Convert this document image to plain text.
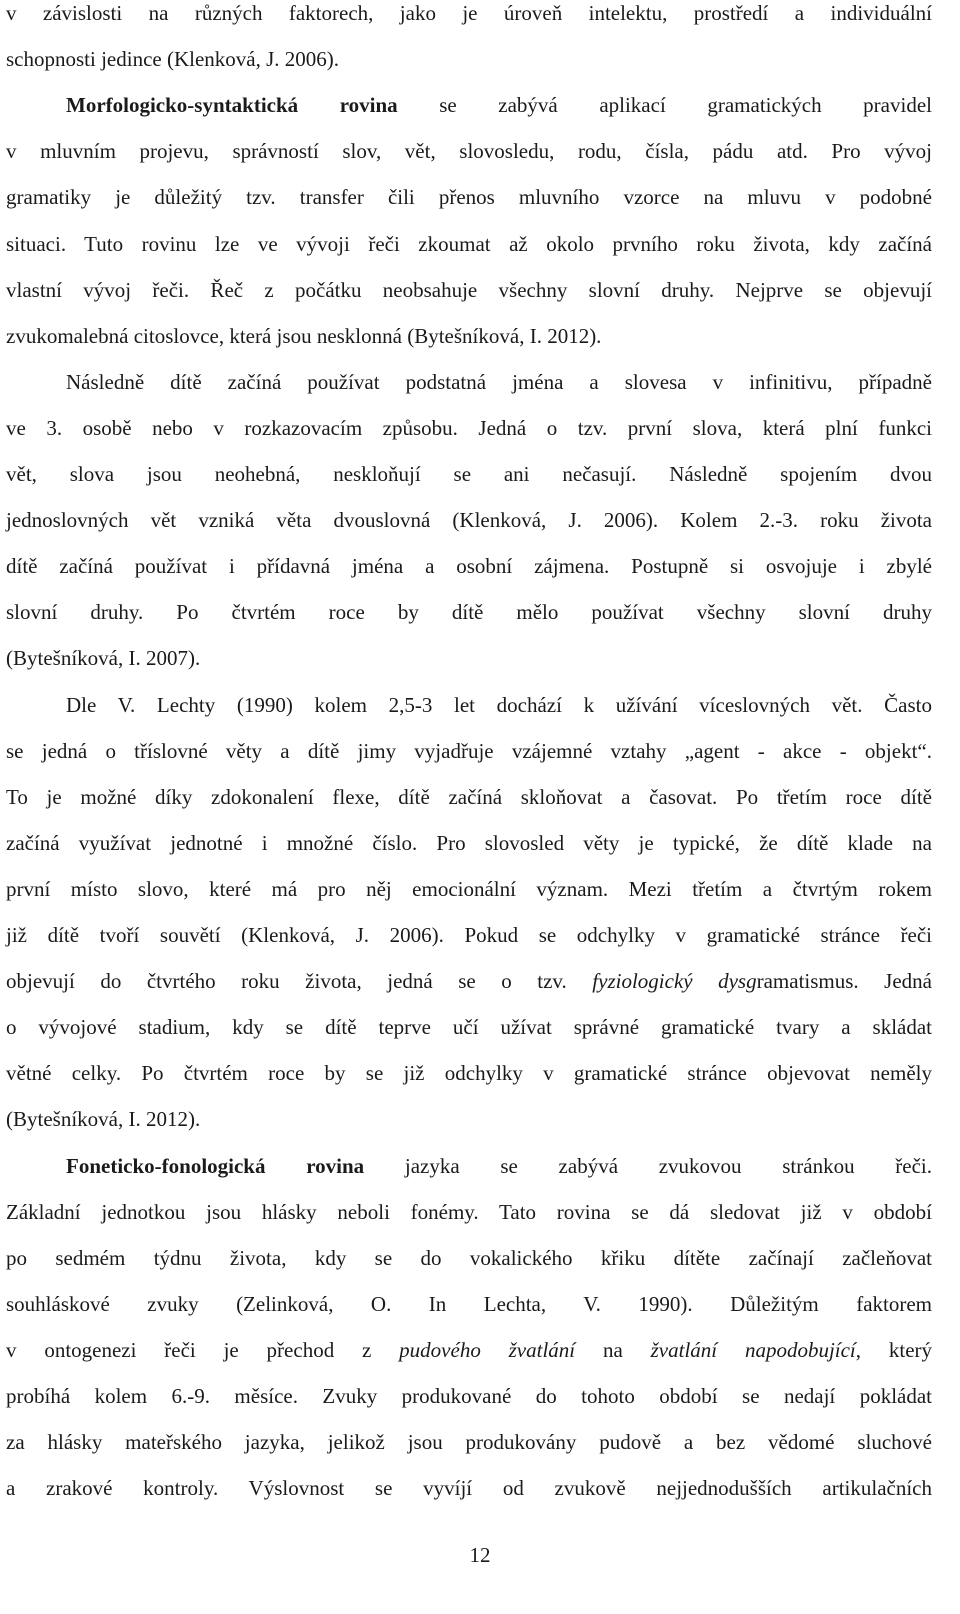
v závislosti na různých faktorech, jako je úroveň intelektu, prostředí a individuální
schopnosti jedince (Klenková, J. 2006).
Morfologicko-syntaktická rovina se zabývá aplikací gramatických pravidel
v mluvním projevu, správností slov, vět, slovosledu, rodu, čísla, pádu atd. Pro vývoj
gramatiky je důležitý tzv. transfer čili přenos mluvního vzorce na mluvu v podobné
situaci. Tuto rovinu lze ve vývoji řeči zkoumat až okolo prvního roku života, kdy začíná
vlastní vývoj řeči. Řeč z počátku neobsahuje všechny slovní druhy. Nejprve se objevují
zvukomalebná citoslovce, která jsou nesklonná (Bytešníková, I. 2012).
Následně dítě začíná používat podstatná jména a slovesa v infinitivu, případně
ve 3. osobě nebo v rozkazovacím způsobu. Jedná o tzv. první slova, která plní funkci
vět, slova jsou neohebná, neskloňují se ani nečasují. Následně spojením dvou
jednoslovných vět vzniká věta dvouslovná (Klenková, J. 2006). Kolem 2.-3. roku života
dítě začíná používat i přídavná jména a osobní zájmena. Postupně si osvojuje i zbylé
slovní druhy. Po čtvrtém roce by dítě mělo používat všechny slovní druhy
(Bytešníková, I. 2007).
Dle V. Lechty (1990) kolem 2,5-3 let dochází k užívání víceslovných vět. Často
se jedná o tříslovné věty a dítě jimy vyjadřuje vzájemné vztahy „agent - akce - objekt“.
To je možné díky zdokonalení flexe, dítě začíná skloňovat a časovat. Po třetím roce dítě
začíná využívat jednotné i množné číslo. Pro slovosled věty je typické, že dítě klade na
první místo slovo, které má pro něj emocionální význam. Mezi třetím a čtvrtým rokem
již dítě tvoří souvětí (Klenková, J. 2006). Pokud se odchylky v gramatické stránce řeči
objevují do čtvrtého roku života, jedná se o tzv. fyziologický dysgramatismus. Jedná
o vývojové stadium, kdy se dítě teprve učí užívat správné gramatické tvary a skládat
větné celky. Po čtvrtém roce by se již odchylky v gramatické stránce objevovat neměly
(Bytešníková, I. 2012).
Foneticko-fonologická rovina jazyka se zabývá zvukovou stránkou řeči.
Základní jednotkou jsou hlásky neboli fonémy. Tato rovina se dá sledovat již v období
po sedmém týdnu života, kdy se do vokalického křiku dítěte začínají začleňovat
souhláskové zvuky (Zelinková, O. In Lechta, V. 1990). Důležitým faktorem
v ontogenezi řeči je přechod z pudového žvatlání na žvatlání napodobující, který
probíhá kolem 6.-9. měsíce. Zvuky produkované do tohoto období se nedají pokládat
za hlásky mateřského jazyka, jelikož jsou produkovány pudově a bez vědomé sluchové
a zrakové kontroly. Výslovnost se vyvíjí od zvukově nejjednodušších artikulačních
12
